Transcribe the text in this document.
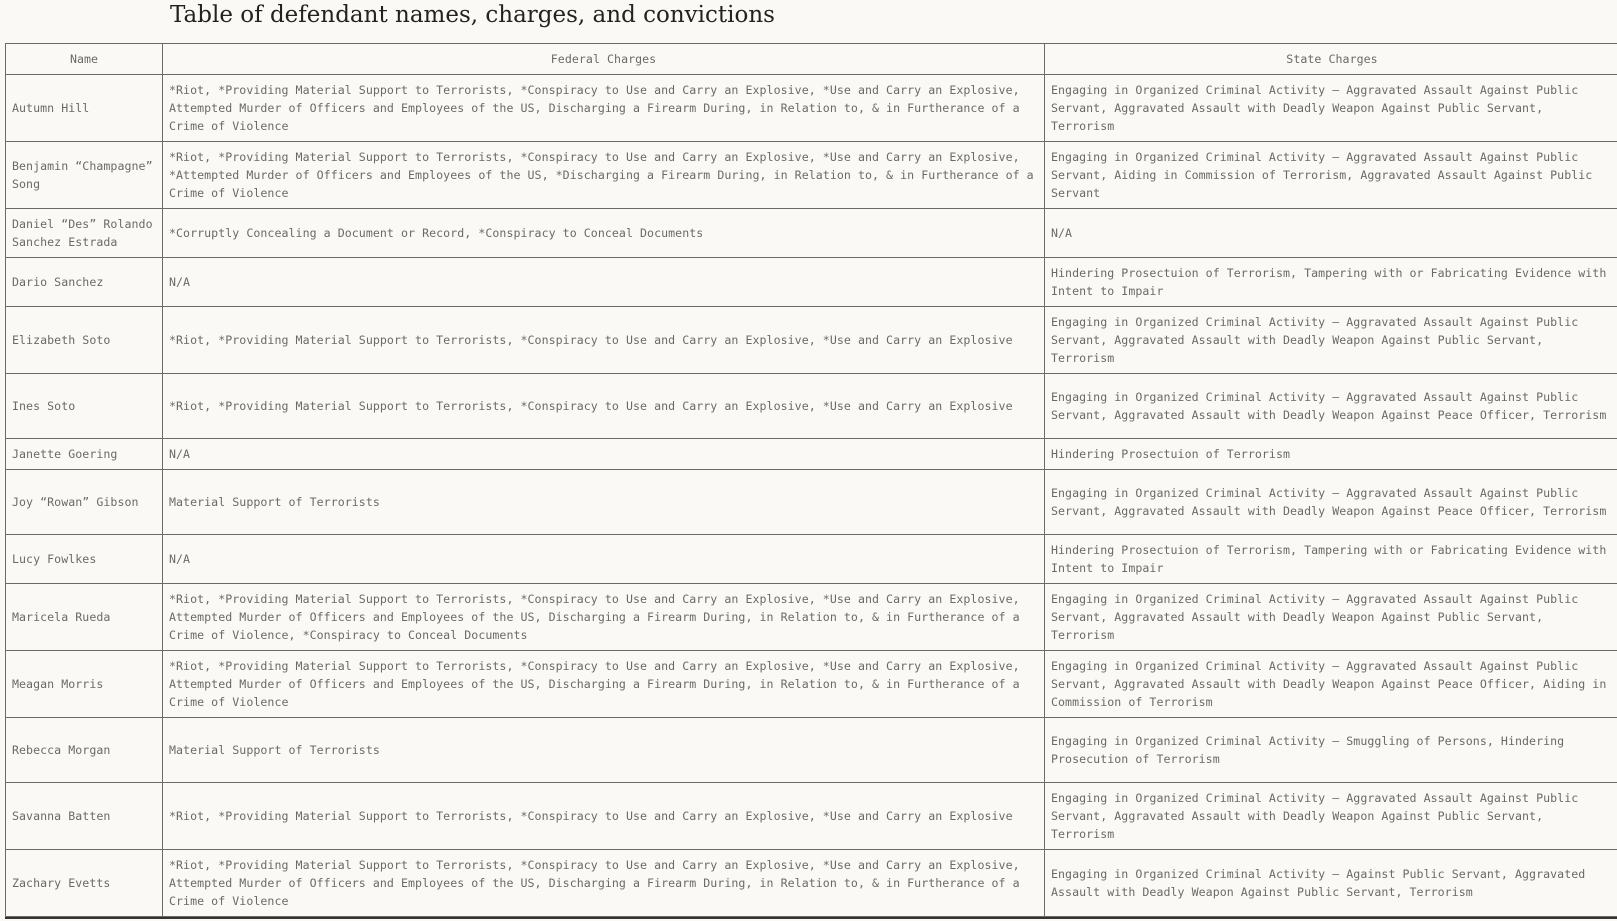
Table of defendant names, charges, and convictions
Name	Federal Charges	State Charges
Autumn Hill	*Riot, *Providing Material Support to Terrorists, *Conspiracy to Use and Carry an Explosive, *Use and Carry an Explosive, Attempted Murder of Officers and Employees of the US, Discharging a Firearm During, in Relation to, & in Furtherance of a Crime of Violence	Engaging in Organized Criminal Activity – Aggravated Assault Against Public Servant, Aggravated Assault with Deadly Weapon Against Public Servant, Terrorism
Benjamin “Champagne” Song	*Riot, *Providing Material Support to Terrorists, *Conspiracy to Use and Carry an Explosive, *Use and Carry an Explosive, *Attempted Murder of Officers and Employees of the US, *Discharging a Firearm During, in Relation to, & in Furtherance of a Crime of Violence	Engaging in Organized Criminal Activity – Aggravated Assault Against Public Servant, Aiding in Commission of Terrorism, Aggravated Assault Against Public Servant
Daniel “Des” Rolando Sanchez Estrada	*Corruptly Concealing a Document or Record, *Conspiracy to Conceal Documents	N/A
Dario Sanchez	N/A	Hindering Prosectuion of Terrorism, Tampering with or Fabricating Evidence with Intent to Impair
Elizabeth Soto	*Riot, *Providing Material Support to Terrorists, *Conspiracy to Use and Carry an Explosive, *Use and Carry an Explosive	Engaging in Organized Criminal Activity – Aggravated Assault Against Public Servant, Aggravated Assault with Deadly Weapon Against Public Servant, Terrorism
Ines Soto	*Riot, *Providing Material Support to Terrorists, *Conspiracy to Use and Carry an Explosive, *Use and Carry an Explosive	Engaging in Organized Criminal Activity – Aggravated Assault Against Public Servant, Aggravated Assault with Deadly Weapon Against Peace Officer, Terrorism
Janette Goering	N/A	Hindering Prosectuion of Terrorism
Joy “Rowan” Gibson	Material Support of Terrorists	Engaging in Organized Criminal Activity – Aggravated Assault Against Public Servant, Aggravated Assault with Deadly Weapon Against Peace Officer, Terrorism
Lucy Fowlkes	N/A	Hindering Prosectuion of Terrorism, Tampering with or Fabricating Evidence with Intent to Impair
Maricela Rueda	*Riot, *Providing Material Support to Terrorists, *Conspiracy to Use and Carry an Explosive, *Use and Carry an Explosive, Attempted Murder of Officers and Employees of the US, Discharging a Firearm During, in Relation to, & in Furtherance of a Crime of Violence, *Conspiracy to Conceal Documents	Engaging in Organized Criminal Activity – Aggravated Assault Against Public Servant, Aggravated Assault with Deadly Weapon Against Public Servant, Terrorism
Meagan Morris	*Riot, *Providing Material Support to Terrorists, *Conspiracy to Use and Carry an Explosive, *Use and Carry an Explosive, Attempted Murder of Officers and Employees of the US, Discharging a Firearm During, in Relation to, & in Furtherance of a Crime of Violence	Engaging in Organized Criminal Activity – Aggravated Assault Against Public Servant, Aggravated Assault with Deadly Weapon Against Peace Officer, Aiding in Commission of Terrorism
Rebecca Morgan	Material Support of Terrorists	Engaging in Organized Criminal Activity – Smuggling of Persons, Hindering Prosecution of Terrorism
Savanna Batten	*Riot, *Providing Material Support to Terrorists, *Conspiracy to Use and Carry an Explosive, *Use and Carry an Explosive	Engaging in Organized Criminal Activity – Aggravated Assault Against Public Servant, Aggravated Assault with Deadly Weapon Against Public Servant, Terrorism
Zachary Evetts	*Riot, *Providing Material Support to Terrorists, *Conspiracy to Use and Carry an Explosive, *Use and Carry an Explosive, Attempted Murder of Officers and Employees of the US, Discharging a Firearm During, in Relation to, & in Furtherance of a Crime of Violence	Engaging in Organized Criminal Activity – Against Public Servant, Aggravated Assault with Deadly Weapon Against Public Servant, Terrorism
